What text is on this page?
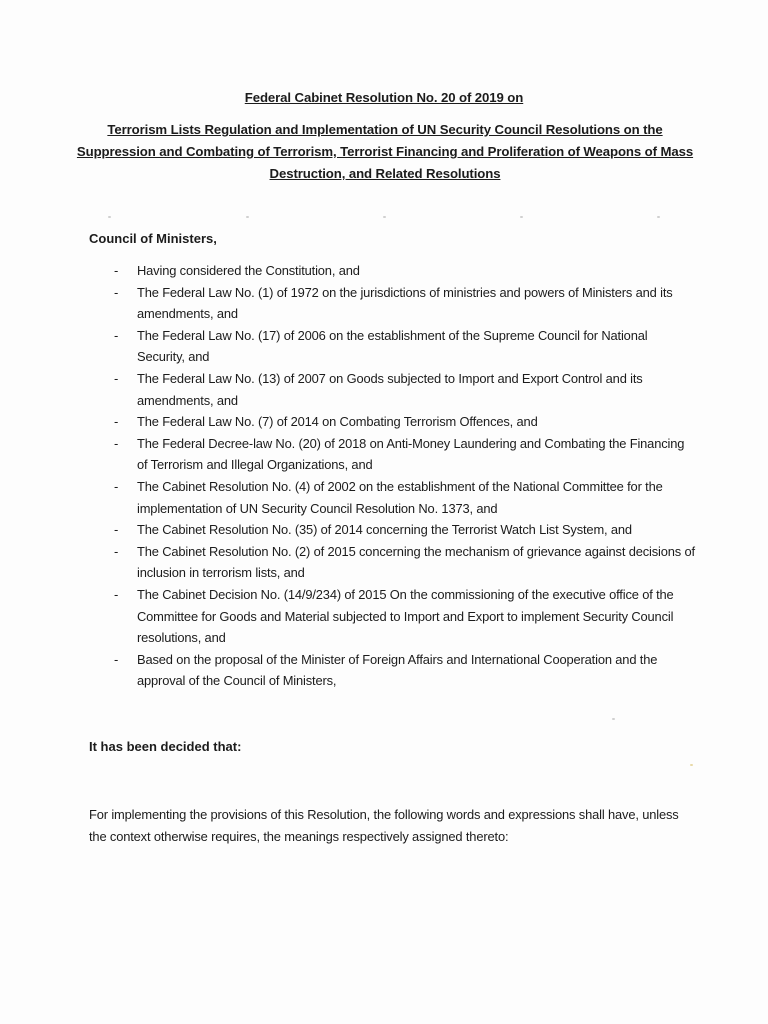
Federal Cabinet Resolution No. 20 of 2019 on
Terrorism Lists Regulation and Implementation of UN Security Council Resolutions on the Suppression and Combating of Terrorism, Terrorist Financing and Proliferation of Weapons of Mass Destruction, and Related Resolutions
Council of Ministers,
- Having considered the Constitution, and
- The Federal Law No. (1) of 1972 on the jurisdictions of ministries and powers of Ministers and its amendments, and
- The Federal Law No. (17) of 2006 on the establishment of the Supreme Council for National Security, and
- The Federal Law No. (13) of 2007 on Goods subjected to Import and Export Control and its amendments, and
- The Federal Law No. (7) of 2014 on Combating Terrorism Offences, and
- The Federal Decree-law No. (20) of 2018 on Anti-Money Laundering and Combating the Financing of Terrorism and Illegal Organizations, and
- The Cabinet Resolution No. (4) of 2002 on the establishment of the National Committee for the implementation of UN Security Council Resolution No. 1373, and
- The Cabinet Resolution No. (35) of 2014 concerning the Terrorist Watch List System, and
- The Cabinet Resolution No. (2) of 2015 concerning the mechanism of grievance against decisions of inclusion in terrorism lists, and
- The Cabinet Decision No. (14/9/234) of 2015 On the commissioning of the executive office of the Committee for Goods and Material subjected to Import and Export to implement Security Council resolutions, and
- Based on the proposal of the Minister of Foreign Affairs and International Cooperation and the approval of the Council of Ministers,
It has been decided that:
For implementing the provisions of this Resolution, the following words and expressions shall have, unless the context otherwise requires, the meanings respectively assigned thereto:
